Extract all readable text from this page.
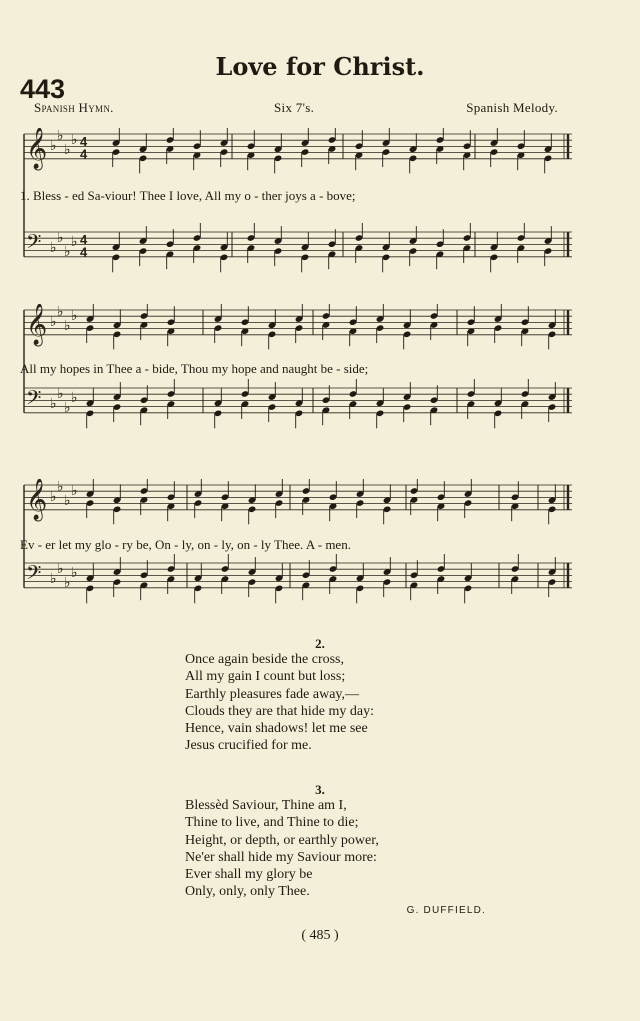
443
Love for Christ.
Spanish Hymn.	Six 7's.	Spanish Melody.
𝄞 ♭
♭
♭
♭ 4
4
𝄢 ♭
♭
♭
♭ 4
4
1. Bless - ed Sa-viour! Thee I love, All my o - ther joys a - bove;
𝄞 ♭
♭
♭
♭
𝄢 ♭
♭
♭
♭
All my hopes in Thee a - bide, Thou my hope and naught be - side;
𝄞 ♭
♭
♭
♭
𝄢 ♭
♭
♭
♭
Ev - er let my glo - ry be, On - ly, on - ly, on - ly Thee. A - men.
2.
Once again beside the cross,
All my gain I count but loss;
Earthly pleasures fade away,—
Clouds they are that hide my day:
Hence, vain shadows! let me see
Jesus crucified for me.
3.
Blessèd Saviour, Thine am I,
Thine to live, and Thine to die;
Height, or depth, or earthly power,
Ne'er shall hide my Saviour more:
Ever shall my glory be
Only, only, only Thee.
G. DUFFIELD.
( 485 )
